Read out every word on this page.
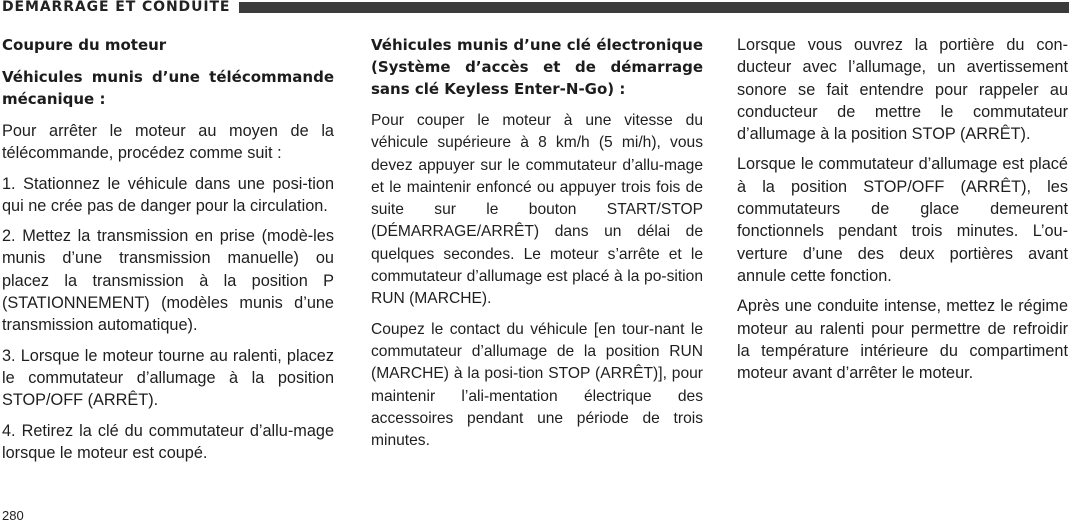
DÉMARRAGE ET CONDUITE
Coupure du moteur
Véhicules munis d’une télécommande mécanique :

Pour arrêter le moteur au moyen de la télécommande, procédez comme suit :

1. Stationnez le véhicule dans une posi-tion qui ne crée pas de danger pour la circulation.

2. Mettez la transmission en prise (modè-les munis d’une transmission manuelle) ou placez la transmission à la position P (STATIONNEMENT) (modèles munis d’une transmission automatique).

3. Lorsque le moteur tourne au ralenti, placez le commutateur d’allumage à la position STOP/OFF (ARRÊT).

4. Retirez la clé du commutateur d’allu-mage lorsque le moteur est coupé.

Véhicules munis d’une clé électronique (Système d’accès et de démarrage sans clé Keyless Enter-N-Go) :

Pour couper le moteur à une vitesse du véhicule supérieure à 8 km/h (5 mi/h), vous devez appuyer sur le commutateur d’allu-mage et le maintenir enfoncé ou appuyer trois fois de suite sur le bouton START/STOP (DÉMARRAGE/ARRÊT) dans un délai de quelques secondes. Le moteur s’arrête et le commutateur d’allumage est placé à la po-sition RUN (MARCHE).

Coupez le contact du véhicule [en tour-nant le commutateur d’allumage de la position RUN (MARCHE) à la posi-tion STOP (ARRÊT)], pour maintenir l’ali-mentation électrique des accessoires pendant une période de trois minutes.

Lorsque vous ouvrez la portière du con-ducteur avec l’allumage, un avertissement sonore se fait entendre pour rappeler au conducteur de mettre le commutateur d’allumage à la position STOP (ARRÊT).

Lorsque le commutateur d’allumage est placé à la position STOP/OFF (ARRÊT), les commutateurs de glace demeurent fonctionnels pendant trois minutes. L’ou-verture d’une des deux portières avant annule cette fonction.

Après une conduite intense, mettez le régime moteur au ralenti pour permettre de refroidir la température intérieure du compartiment moteur avant d’arrêter le moteur.

280
